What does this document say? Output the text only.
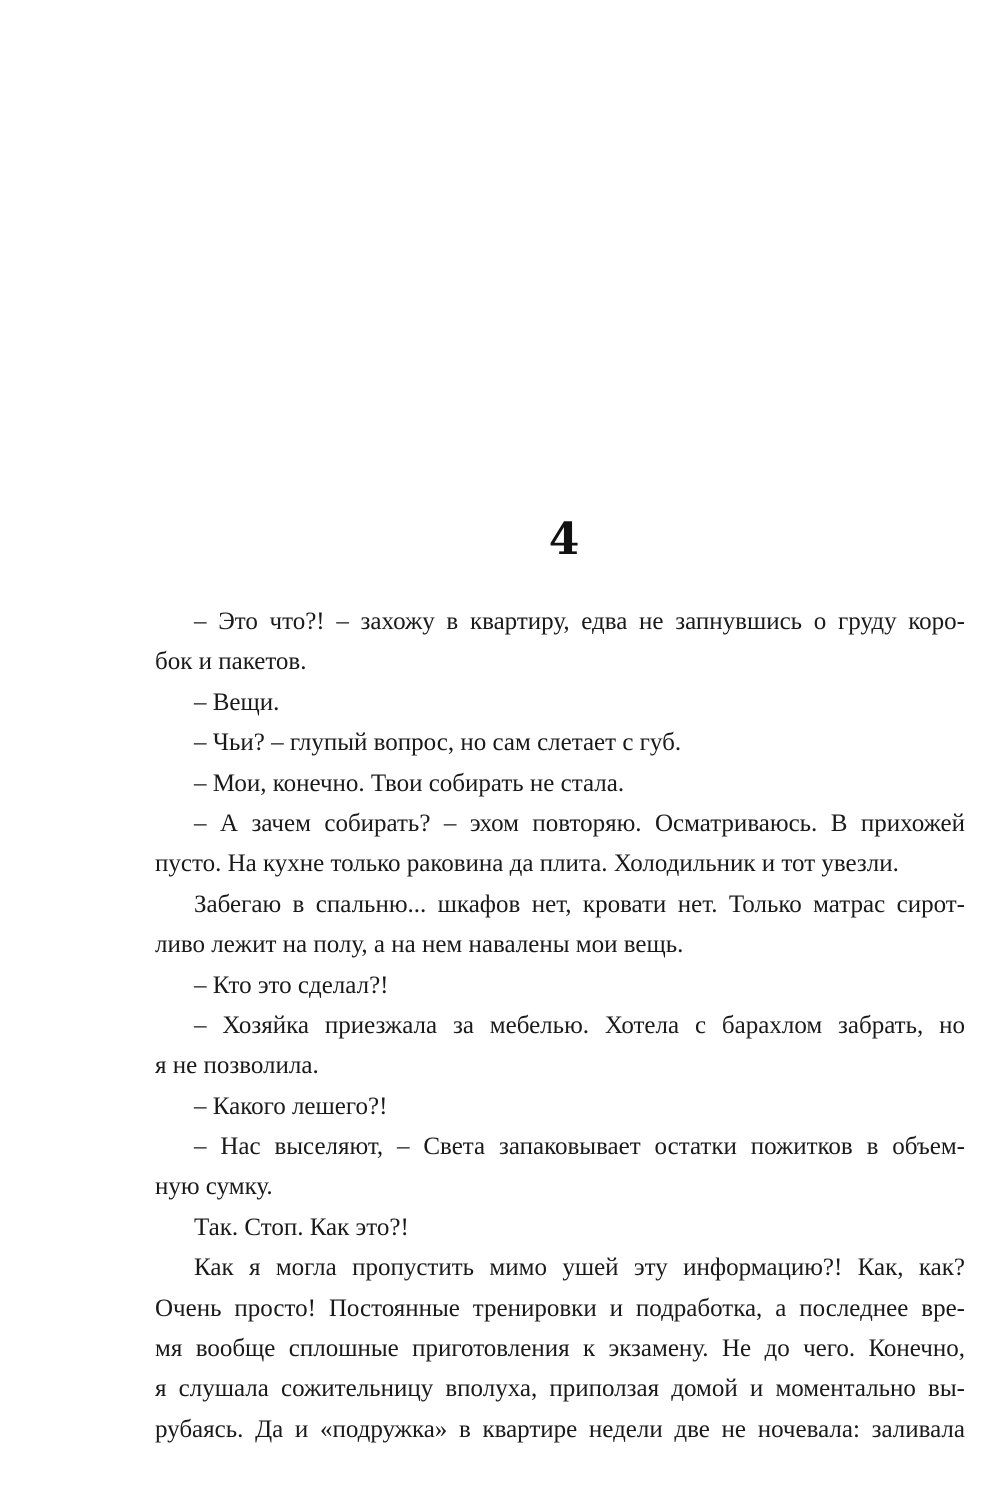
4
– Это что?! – захожу в квартиру, едва не запнувшись о груду коро-
бок и пакетов.
– Вещи.
– Чьи? – глупый вопрос, но сам слетает с губ.
– Мои, конечно. Твои собирать не стала.
– А зачем собирать? – эхом повторяю. Осматриваюсь. В прихожей
пусто. На кухне только раковина да плита. Холодильник и тот увезли.
Забегаю в спальню... шкафов нет, кровати нет. Только матрас сирот-
ливо лежит на полу, а на нем навалены мои вещь.
– Кто это сделал?!
– Хозяйка приезжала за мебелью. Хотела с барахлом забрать, но
я не позволила.
– Какого лешего?!
– Нас выселяют, – Света запаковывает остатки пожитков в объем-
ную сумку.
Так. Стоп. Как это?!
Как я могла пропустить мимо ушей эту информацию?! Как, как?
Очень просто! Постоянные тренировки и подработка, а последнее вре-
мя вообще сплошные приготовления к экзамену. Не до чего. Конечно,
я слушала сожительницу вполуха, приползая домой и моментально вы-
рубаясь. Да и «подружка» в квартире недели две не ночевала: заливала
